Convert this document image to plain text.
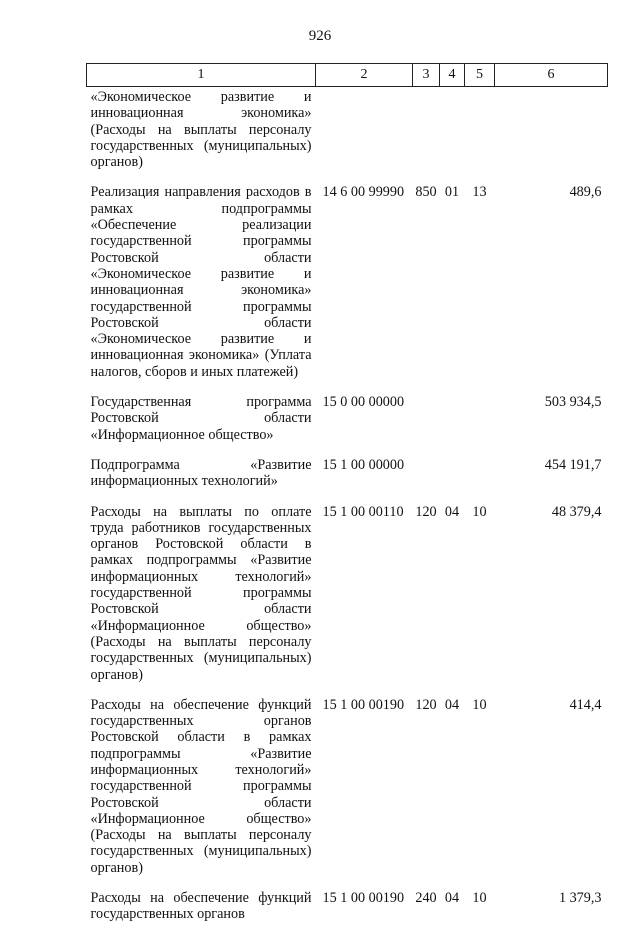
926
1	2	3	4	5	6
«Экономическое развитие и инновационная экономика» (Расходы на выплаты персоналу государственных (муниципальных) органов)					
Реализация направления расходов в рамках подпрограммы «Обеспечение реализации государственной программы Ростовской области «Экономическое развитие и инновационная экономика» государственной программы Ростовской области «Экономическое развитие и инновационная экономика» (Уплата налогов, сборов и иных платежей)	14 6 00 99990	850	01	13	489,6
Государственная программа Ростовской области «Информационное общество»	15 0 00 00000				503 934,5
Подпрограмма «Развитие информационных технологий»	15 1 00 00000				454 191,7
Расходы на выплаты по оплате труда работников государственных органов Ростовской области в рамках подпрограммы «Развитие информационных технологий» государственной программы Ростовской области «Информационное общество» (Расходы на выплаты персоналу государственных (муниципальных) органов)	15 1 00 00110	120	04	10	48 379,4
Расходы на обеспечение функций государственных органов Ростовской области в рамках подпрограммы «Развитие информационных технологий» государственной программы Ростовской области «Информационное общество» (Расходы на выплаты персоналу государственных (муниципальных) органов)	15 1 00 00190	120	04	10	414,4
Расходы на обеспечение функций государственных органов	15 1 00 00190	240	04	10	1 379,3
